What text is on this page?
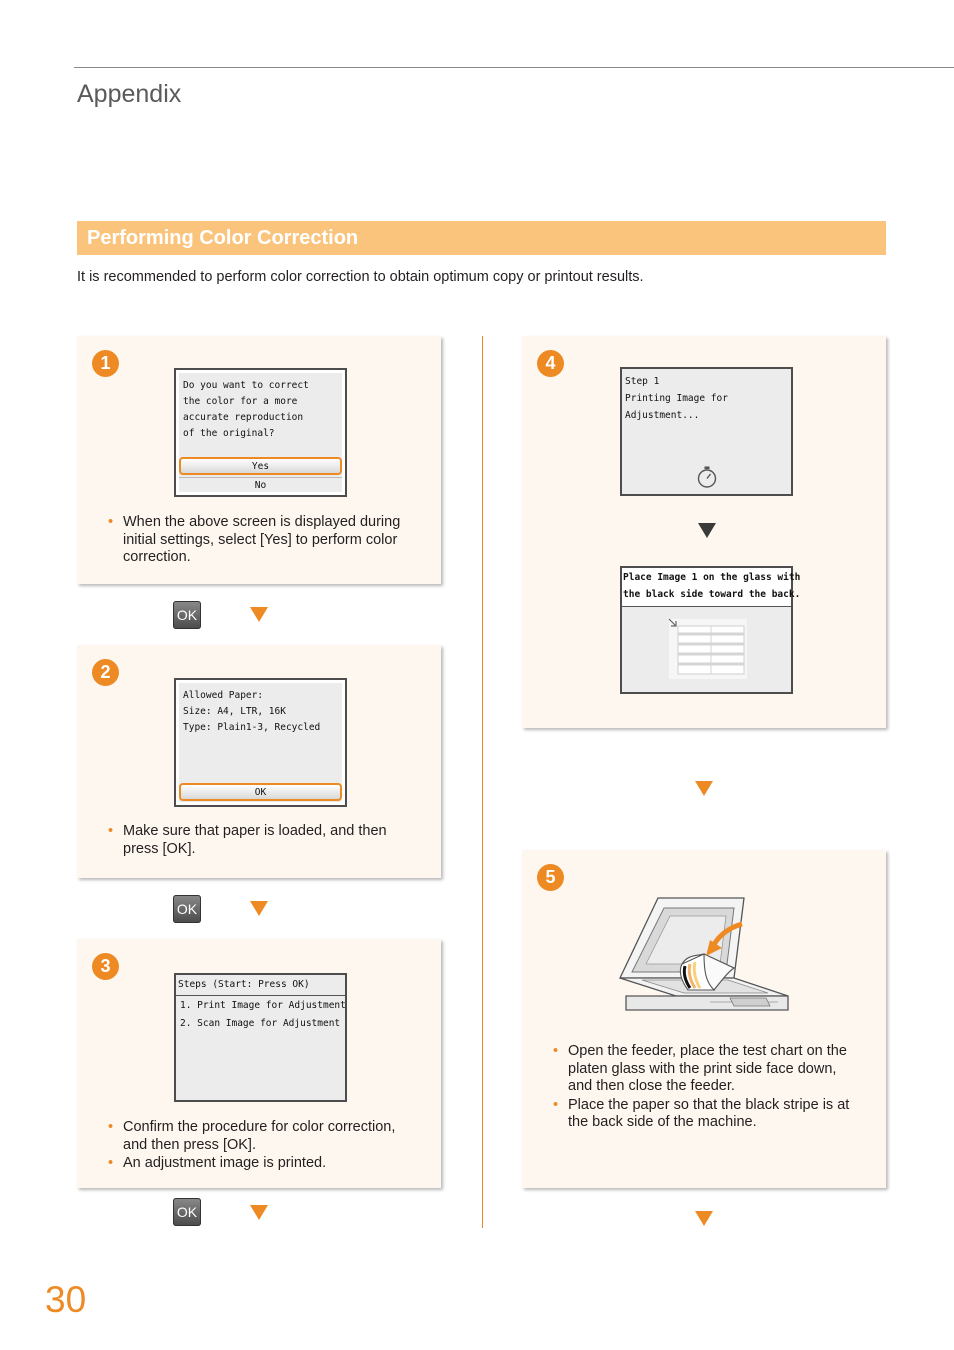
Appendix
Performing Color Correction
It is recommended to perform color correction to obtain optimum copy or printout results.
1
Do you want to correct
the color for a more
accurate reproduction
of the original?
Yes
No
• When the above screen is displayed during initial settings, select [Yes] to perform color correction.
OK
2
Allowed Paper:
Size: A4, LTR, 16K
Type: Plain1-3, Recycled
OK
• Make sure that paper is loaded, and then press [OK].
OK
3
Steps (Start: Press OK)
1. Print Image for Adjustment
2. Scan Image for Adjustment
• Confirm the procedure for color correction, and then press [OK].
• An adjustment image is printed.
OK
4
Step 1
Printing Image for
Adjustment...
Place Image 1 on the glass with
the black side toward the back.
5
• Open the feeder, place the test chart on the platen glass with the print side face down, and then close the feeder.
• Place the paper so that the black stripe is at the back side of the machine.
30
